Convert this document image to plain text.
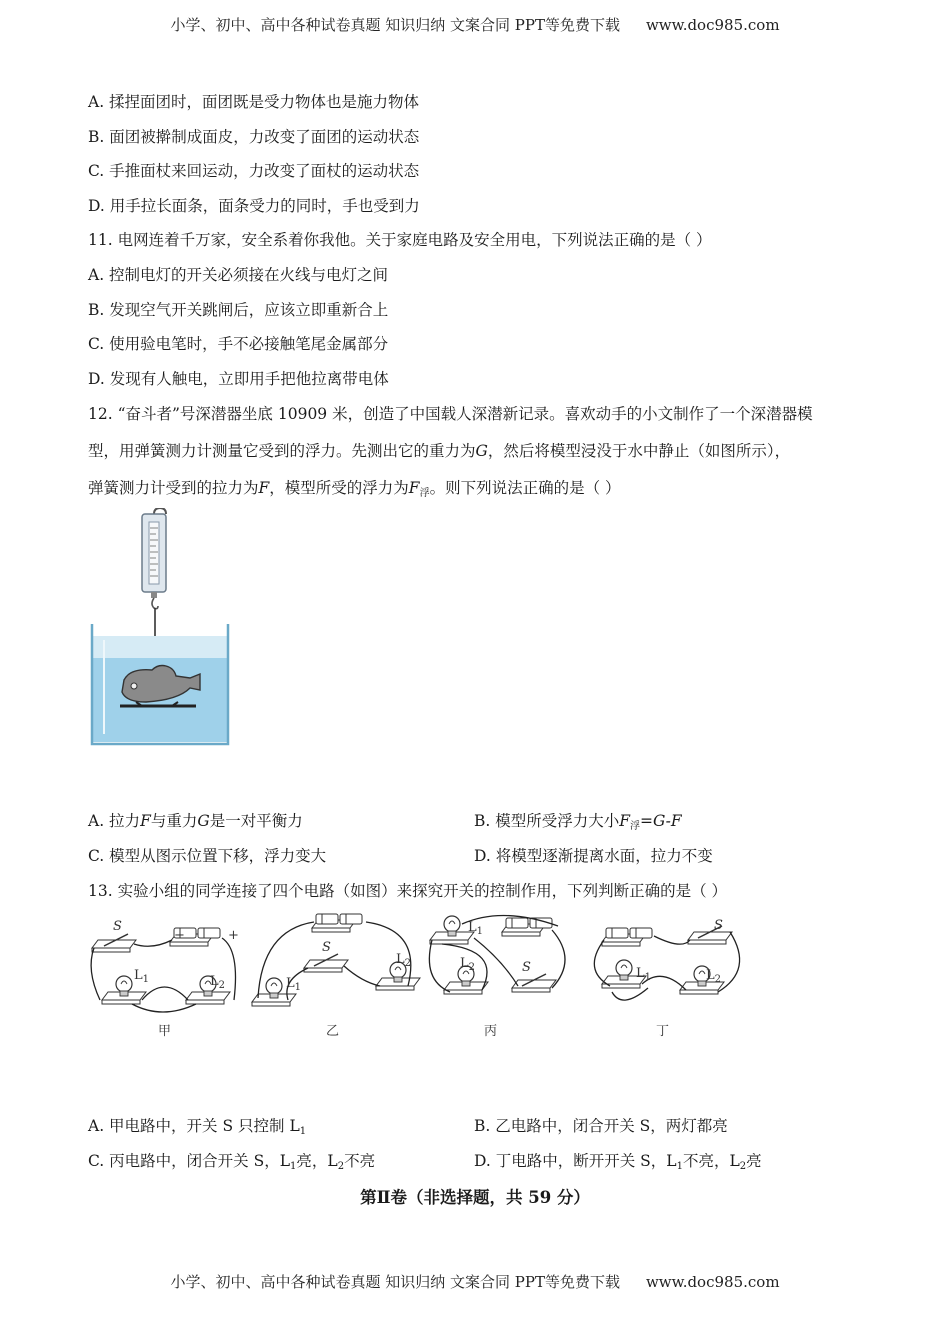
小学、初中、高中各种试卷真题 知识归纳 文案合同 PPT等免费下载 www.doc985.com
A. 揉捏面团时，面团既是受力物体也是施力物体
B. 面团被擀制成面皮，力改变了面团的运动状态
C. 手推面杖来回运动，力改变了面杖的运动状态
D. 用手拉长面条，面条受力的同时，手也受到力
11. 电网连着千万家，安全系着你我他。关于家庭电路及安全用电，下列说法正确的是（ ）
A. 控制电灯的开关必须接在火线与电灯之间
B. 发现空气开关跳闸后，应该立即重新合上
C. 使用验电笔时，手不必接触笔尾金属部分
D. 发现有人触电，立即用手把他拉离带电体
12. “奋斗者”号深潜器坐底 10909 米，创造了中国载人深潜新记录。喜欢动手的小文制作了一个深潜器模
型，用弹簧测力计测量它受到的浮力。先测出它的重力为G，然后将模型浸没于水中静止（如图所示），
弹簧测力计受到的拉力为F，模型所受的浮力为$F_浮$。则下列说法正确的是（ ）
A. 拉力F与重力G是一对平衡力	B. 模型所受浮力大小$F_浮=G-F$
C. 模型从图示位置下移，浮力变大	D. 将模型逐渐提离水面，拉力不变
13. 实验小组的同学连接了四个电路（如图）来探究开关的控制作用，下列判断正确的是（ ）
S
$L_1$	$L_2$
+
−
S
$L_1$
$L_2$
$L_1$
$L_2$	S
S
$L_1$	$L_2$
甲	乙	丙	丁
A. 甲电路中，开关 S 只控制 $L_1$	B. 乙电路中，闭合开关 S，两灯都亮
C. 丙电路中，闭合开关 S，$L_1$亮，$L_2$不亮	D. 丁电路中，断开开关 S，$L_1$不亮，$L_2$亮
第Ⅱ卷（非选择题，共 59 分）
小学、初中、高中各种试卷真题 知识归纳 文案合同 PPT等免费下载 www.doc985.com
